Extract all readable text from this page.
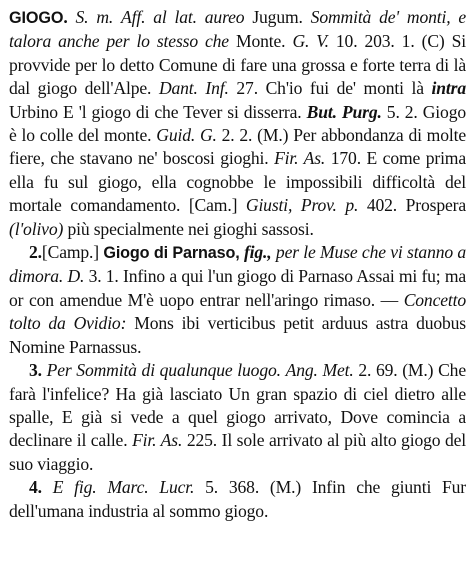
GIOGO. S. m. Aff. al lat. aureo Jugum. Sommità de' monti, e talora anche per lo stesso che Monte. G. V. 10. 203. 1. (C) Si provvide per lo detto Comune di fare una grossa e forte terra di là dal giogo dell'Alpe. Dant. Inf. 27. Ch'io fui de' monti là intra Urbino E 'l giogo di che Tever si disserra. But. Purg. 5. 2. Giogo è lo colle del monte. Guid. G. 2. 2. (M.) Per abbondanza di molte fiere, che stavano ne' boscosi gioghi. Fir. As. 170. E come prima ella fu sul giogo, ella cognobbe le impossibili difficoltà del mortale comandamento. [Cam.] Giusti, Prov. p. 402. Prospera (l'olivo) più specialmente nei gioghi sassosi.

2.[Camp.] Giogo di Parnaso, fig., per le Muse che vi stanno a dimora. D. 3. 1. Infino a qui l'un giogo di Parnaso Assai mi fu; ma or con amendue M'è uopo entrar nell'aringo rimaso. — Concetto tolto da Ovidio: Mons ibi verticibus petit arduus astra duobus Nomine Parnassus.

3. Per Sommità di qualunque luogo. Ang. Met. 2. 69. (M.) Che farà l'infelice? Ha già lasciato Un gran spazio di ciel dietro alle spalle, E già si vede a quel giogo arrivato, Dove comincia a declinare il calle. Fir. As. 225. Il sole arrivato al più alto giogo del suo viaggio.

4. E fig. Marc. Lucr. 5. 368. (M.) Infin che giunti Fur dell'umana industria al sommo giogo.
